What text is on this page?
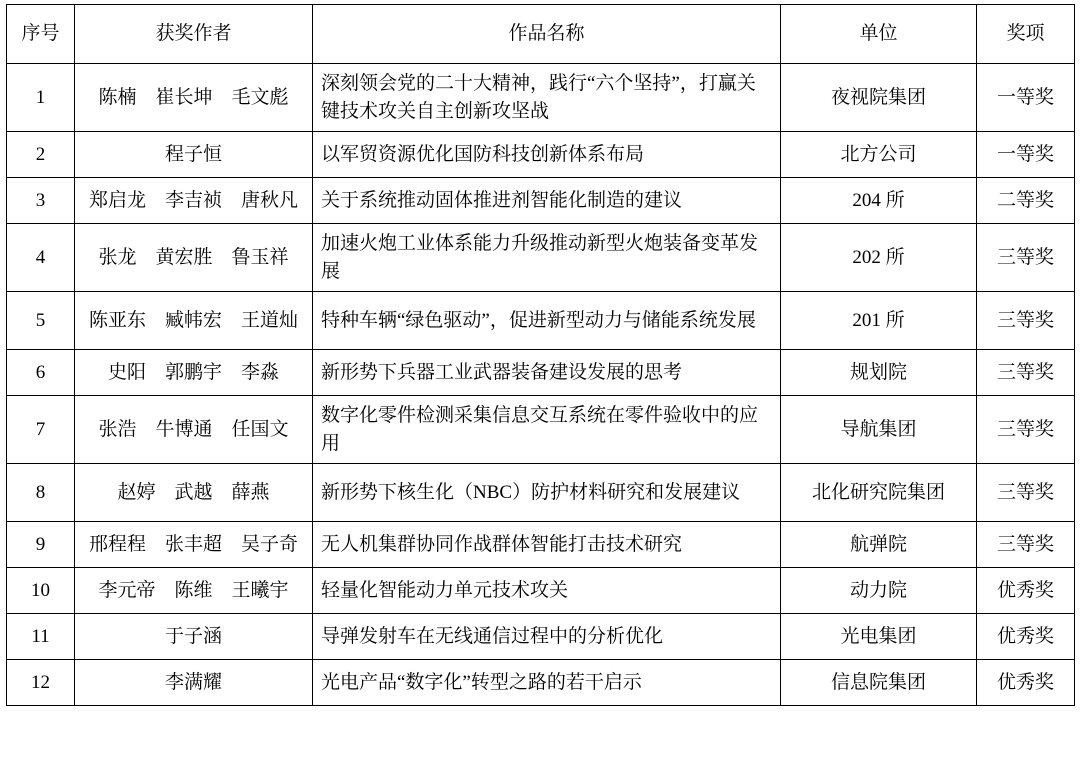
序号	获奖作者	作品名称	单位	奖项
1	陈楠　崔长坤　毛文彪	深刻领会党的二十大精神，践行“六个坚持”，打赢关键技术攻关自主创新攻坚战	夜视院集团	一等奖
2	程子恒	以军贸资源优化国防科技创新体系布局	北方公司	一等奖
3	郑启龙　李吉祯　唐秋凡	关于系统推动固体推进剂智能化制造的建议	204 所	二等奖
4	张龙　黄宏胜　鲁玉祥	加速火炮工业体系能力升级推动新型火炮装备变革发展	202 所	三等奖
5	陈亚东　臧帏宏　王道灿	特种车辆“绿色驱动”，促进新型动力与储能系统发展	201 所	三等奖
6	史阳　郭鹏宇　李淼	新形势下兵器工业武器装备建设发展的思考	规划院	三等奖
7	张浩　牛博通　任国文	数字化零件检测采集信息交互系统在零件验收中的应用	导航集团	三等奖
8	赵婷　武越　薛燕	新形势下核生化（NBC）防护材料研究和发展建议	北化研究院集团	三等奖
9	邢程程　张丰超　吴子奇	无人机集群协同作战群体智能打击技术研究	航弹院	三等奖
10	李元帝　陈维　王曦宇	轻量化智能动力单元技术攻关	动力院	优秀奖
11	于子涵	导弹发射车在无线通信过程中的分析优化	光电集团	优秀奖
12	李满耀	光电产品“数字化”转型之路的若干启示	信息院集团	优秀奖
